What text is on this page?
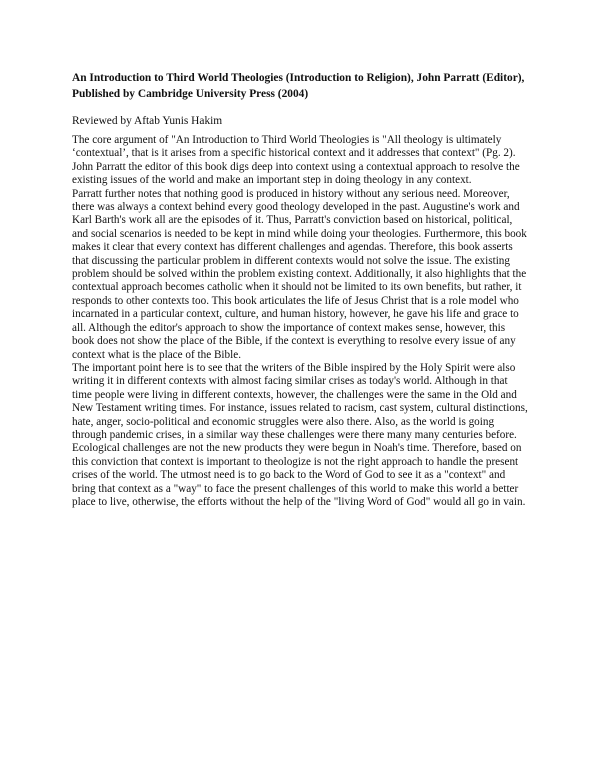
An Introduction to Third World Theologies (Introduction to Religion), John Parratt (Editor), Published by Cambridge University Press (2004)

Reviewed by Aftab Yunis Hakim

The core argument of "An Introduction to Third World Theologies is "All theology is ultimately ‘contextual’, that is it arises from a specific historical context and it addresses that context" (Pg. 2). John Parratt the editor of this book digs deep into context using a contextual approach to resolve the existing issues of the world and make an important step in doing theology in any context.

Parratt further notes that nothing good is produced in history without any serious need. Moreover, there was always a context behind every good theology developed in the past. Augustine's work and Karl Barth's work all are the episodes of it. Thus, Parratt's conviction based on historical, political, and social scenarios is needed to be kept in mind while doing your theologies. Furthermore, this book makes it clear that every context has different challenges and agendas. Therefore, this book asserts that discussing the particular problem in different contexts would not solve the issue. The existing problem should be solved within the problem existing context. Additionally, it also highlights that the contextual approach becomes catholic when it should not be limited to its own benefits, but rather, it responds to other contexts too. This book articulates the life of Jesus Christ that is a role model who incarnated in a particular context, culture, and human history, however, he gave his life and grace to all. Although the editor's approach to show the importance of context makes sense, however, this book does not show the place of the Bible, if the context is everything to resolve every issue of any context what is the place of the Bible.

The important point here is to see that the writers of the Bible inspired by the Holy Spirit were also writing it in different contexts with almost facing similar crises as today's world. Although in that time people were living in different contexts, however, the challenges were the same in the Old and New Testament writing times. For instance, issues related to racism, cast system, cultural distinctions, hate, anger, socio-political and economic struggles were also there. Also, as the world is going through pandemic crises, in a similar way these challenges were there many many centuries before. Ecological challenges are not the new products they were begun in Noah's time. Therefore, based on this conviction that context is important to theologize is not the right approach to handle the present crises of the world. The utmost need is to go back to the Word of God to see it as a "context" and bring that context as a "way" to face the present challenges of this world to make this world a better place to live, otherwise, the efforts without the help of the "living Word of God" would all go in vain.
